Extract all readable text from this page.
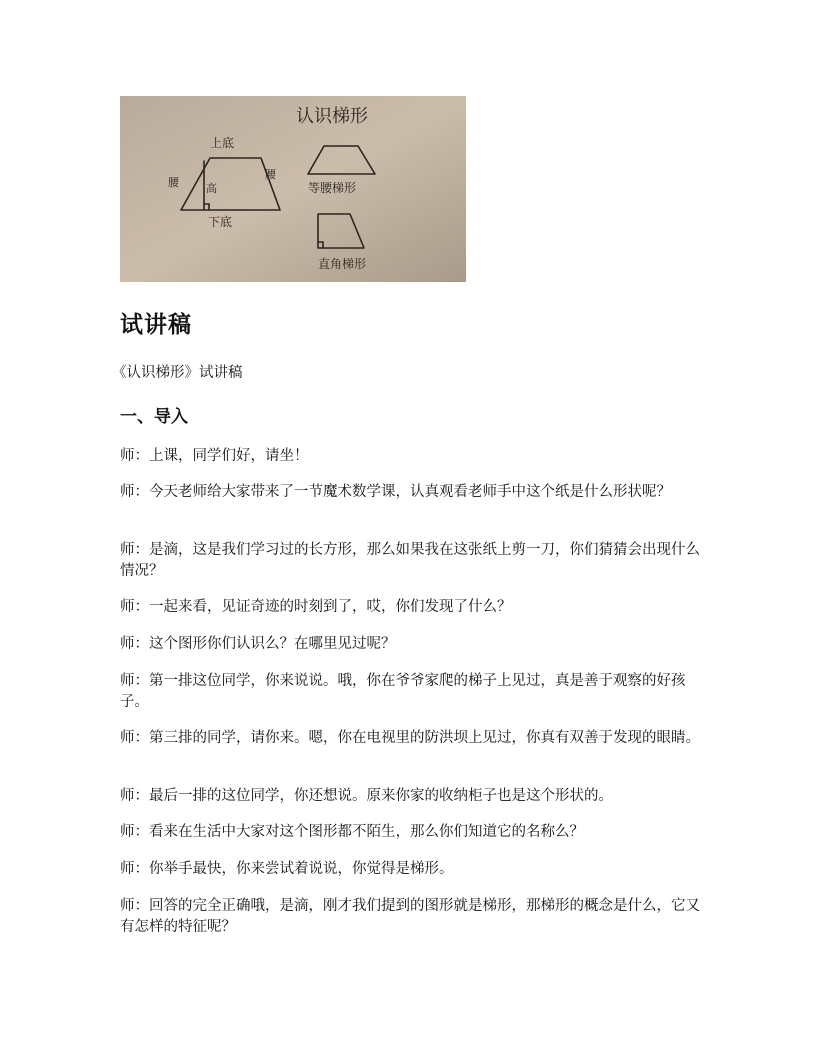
认识梯形
上底
下底
腰
腰
高	等腰梯形
直角梯形
试讲稿

《认识梯形》试讲稿

一、导入

师：上课，同学们好，请坐！

师：今天老师给大家带来了一节魔术数学课，认真观看老师手中这个纸是什么形状呢？

师：是滴，这是我们学习过的长方形，那么如果我在这张纸上剪一刀，你们猜猜会出现什么情况？

师：一起来看，见证奇迹的时刻到了，哎，你们发现了什么？

师：这个图形你们认识么？在哪里见过呢？

师：第一排这位同学，你来说说。哦，你在爷爷家爬的梯子上见过，真是善于观察的好孩子。

师：第三排的同学，请你来。嗯，你在电视里的防洪坝上见过，你真有双善于发现的眼睛。

师：最后一排的这位同学，你还想说。原来你家的收纳柜子也是这个形状的。

师：看来在生活中大家对这个图形都不陌生，那么你们知道它的名称么？

师：你举手最快，你来尝试着说说，你觉得是梯形。

师：回答的完全正确哦，是滴，刚才我们提到的图形就是梯形，那梯形的概念是什么，它又有怎样的特征呢？
